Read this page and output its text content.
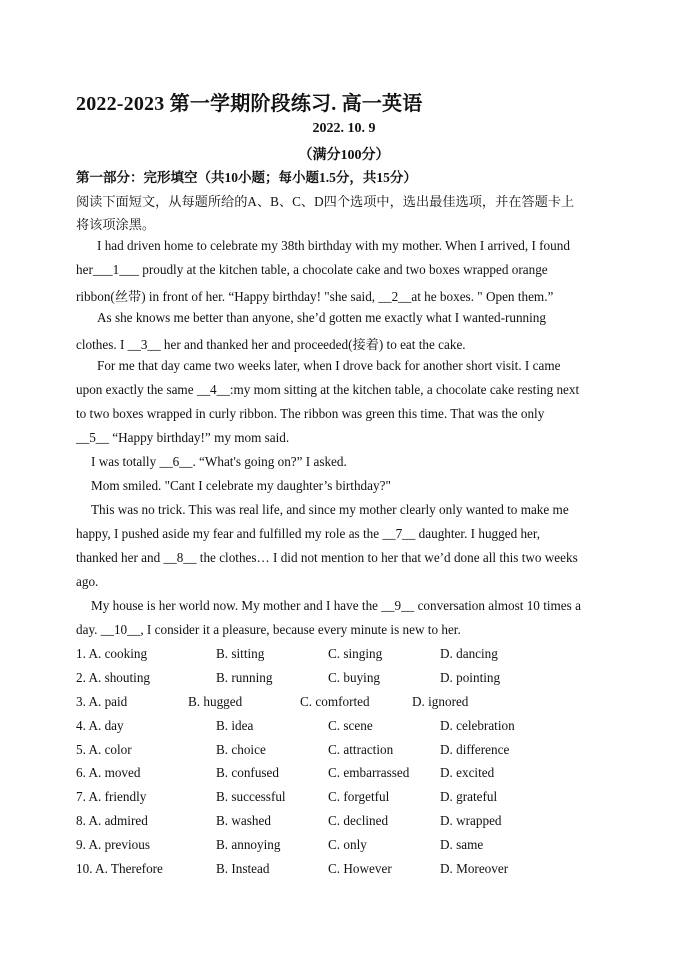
2022-2023 第一学期阶段练习. 高一英语
2022. 10. 9
（满分100分）
第一部分：完形填空（共10小题；每小题1.5分，共15分）
阅读下面短文，从每题所给的A、B、C、D四个选项中，选出最佳选项，并在答题卡上
将该项涂黑。
I had driven home to celebrate my 38th birthday with my mother. When I arrived, I found
her___1___ proudly at the kitchen table, a chocolate cake and two boxes wrapped orange
ribbon(丝带) in front of her. “Happy birthday! "she said, __2__at he boxes. " Open them.”
As she knows me better than anyone, she’d gotten me exactly what I wanted-running
clothes. I __3__ her and thanked her and proceeded(接着) to eat the cake.
For me that day came two weeks later, when I drove back for another short visit. I came
upon exactly the same __4__:my mom sitting at the kitchen table, a chocolate cake resting next
to two boxes wrapped in curly ribbon. The ribbon was green this time. That was the only
__5__ “Happy birthday!” my mom said.
I was totally __6__. “What's going on?” I asked.
Mom smiled. "Cant I celebrate my daughter’s birthday?"
This was no trick. This was real life, and since my mother clearly only wanted to make me
happy, I pushed aside my fear and fulfilled my role as the __7__ daughter. I hugged her,
thanked her and __8__ the clothes… I did not mention to her that we’d done all this two weeks
ago.
My house is her world now. My mother and I have the __9__ conversation almost 10 times a
day. __10__, I consider it a pleasure, because every minute is new to her.
1. A. cooking	B. sitting	C. singing	D. dancing
2. A. shouting	B. running	C. buying	D. pointing
3. A. paid	B. hugged	C. comforted	D. ignored
4. A. day	B. idea	C. scene	D. celebration
5. A. color	B. choice	C. attraction	D. difference
6. A. moved	B. confused	C. embarrassed D. excited
7. A. friendly	B. successful	C. forgetful	D. grateful
8. A. admired	B. washed	C. declined	D. wrapped
9. A. previous	B. annoying	C. only	D. same
10. A. Therefore	B. Instead	C. However	D. Moreover
